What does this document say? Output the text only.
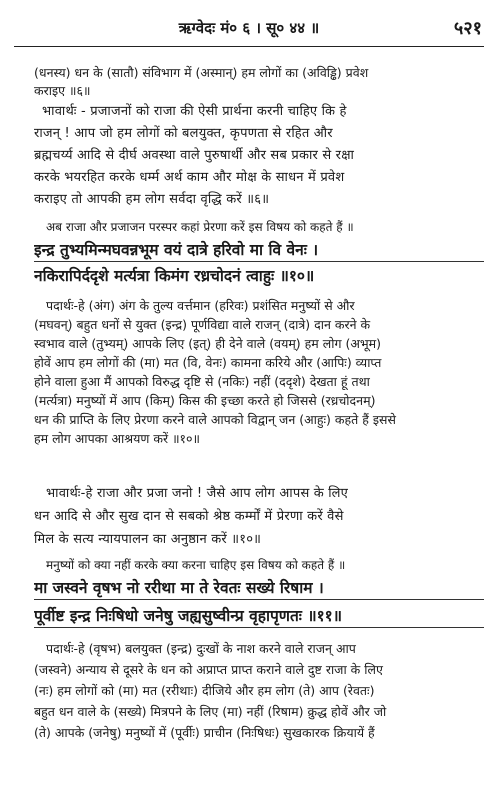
ऋग्वेदः मं० ६ । सू० ४४ ॥	५२१
(धनस्य) धन के (सातौ) संविभाग में (अस्मान्) हम लोगों का (अविड्ढि) प्रवेश
कराइए ॥६॥
भावार्थः - प्रजाजनों को राजा की ऐसी प्रार्थना करनी चाहिए कि हे
राजन् ! आप जो हम लोगों को बलयुक्त, कृपणता से रहित और
ब्रह्मचर्य्य आदि से दीर्घ अवस्था वाले पुरुषार्थी और सब प्रकार से रक्षा
करके भयरहित करके धर्म्म अर्थ काम और मोक्ष के साधन में प्रवेश
कराइए तो आपकी हम लोग सर्वदा वृद्धि करें ॥६॥
अब राजा और प्रजाजन परस्पर कहां प्रेरणा करें इस विषय को कहते हैं ॥
इन्द्र तुभ्यमिन्मघवन्नभूम वयं दात्रे हरिवो मा वि वेनः ।
नकिरापिर्ददृशे मर्त्यत्रा किमंग रध्रचोदनं त्वाहुः ॥१०॥
पदार्थः-हे (अंग) अंग के तुल्य वर्त्तमान (हरिवः) प्रशंसित मनुष्यों से और
(मघवन्) बहुत धनों से युक्त (इन्द्र) पूर्णविद्या वाले राजन् (दात्रे) दान करने के
स्वभाव वाले (तुभ्यम्) आपके लिए (इत्) ही देने वाले (वयम्) हम लोग (अभूम)
होवें आप हम लोगों की (मा) मत (वि, वेनः) कामना करिये और (आपिः) व्याप्त
होने वाला हुआ मैं आपको विरुद्ध दृष्टि से (नकिः) नहीं (ददृशे) देखता हूं तथा
(मर्त्यत्रा) मनुष्यों में आप (किम्) किस की इच्छा करते हो जिससे (रध्रचोदनम्)
धन की प्राप्ति के लिए प्रेरणा करने वाले आपको विद्वान् जन (आहुः) कहते हैं इससे
हम लोग आपका आश्रयण करें ॥१०॥
भावार्थः-हे राजा और प्रजा जनो ! जैसे आप लोग आपस के लिए
धन आदि से और सुख दान से सबको श्रेष्ठ कर्म्मों में प्रेरणा करें वैसे
मिल के सत्य न्यायपालन का अनुष्ठान करें ॥१०॥
मनुष्यों को क्या नहीं करके क्या करना चाहिए इस विषय को कहते हैं ॥
मा जस्वने वृषभ नो ररीथा मा ते रेवतः सख्ये रिषाम ।
पूर्वीष्ट इन्द्र निःषिधो जनेषु जह्यसुष्वीन्प्र वृहापृणतः ॥११॥
पदार्थः-हे (वृषभ) बलयुक्त (इन्द्र) दुःखों के नाश करने वाले राजन् आप
(जस्वने) अन्याय से दूसरे के धन को अप्राप्त प्राप्त कराने वाले दुष्ट राजा के लिए
(नः) हम लोगों को (मा) मत (ररीथाः) दीजिये और हम लोग (ते) आप (रेवतः)
बहुत धन वाले के (सख्ये) मित्रपने के लिए (मा) नहीं (रिषाम) क्रुद्ध होवें और जो
(ते) आपके (जनेषु) मनुष्यों में (पूर्वीः) प्राचीन (निःषिधः) सुखकारक क्रियायें हैं
